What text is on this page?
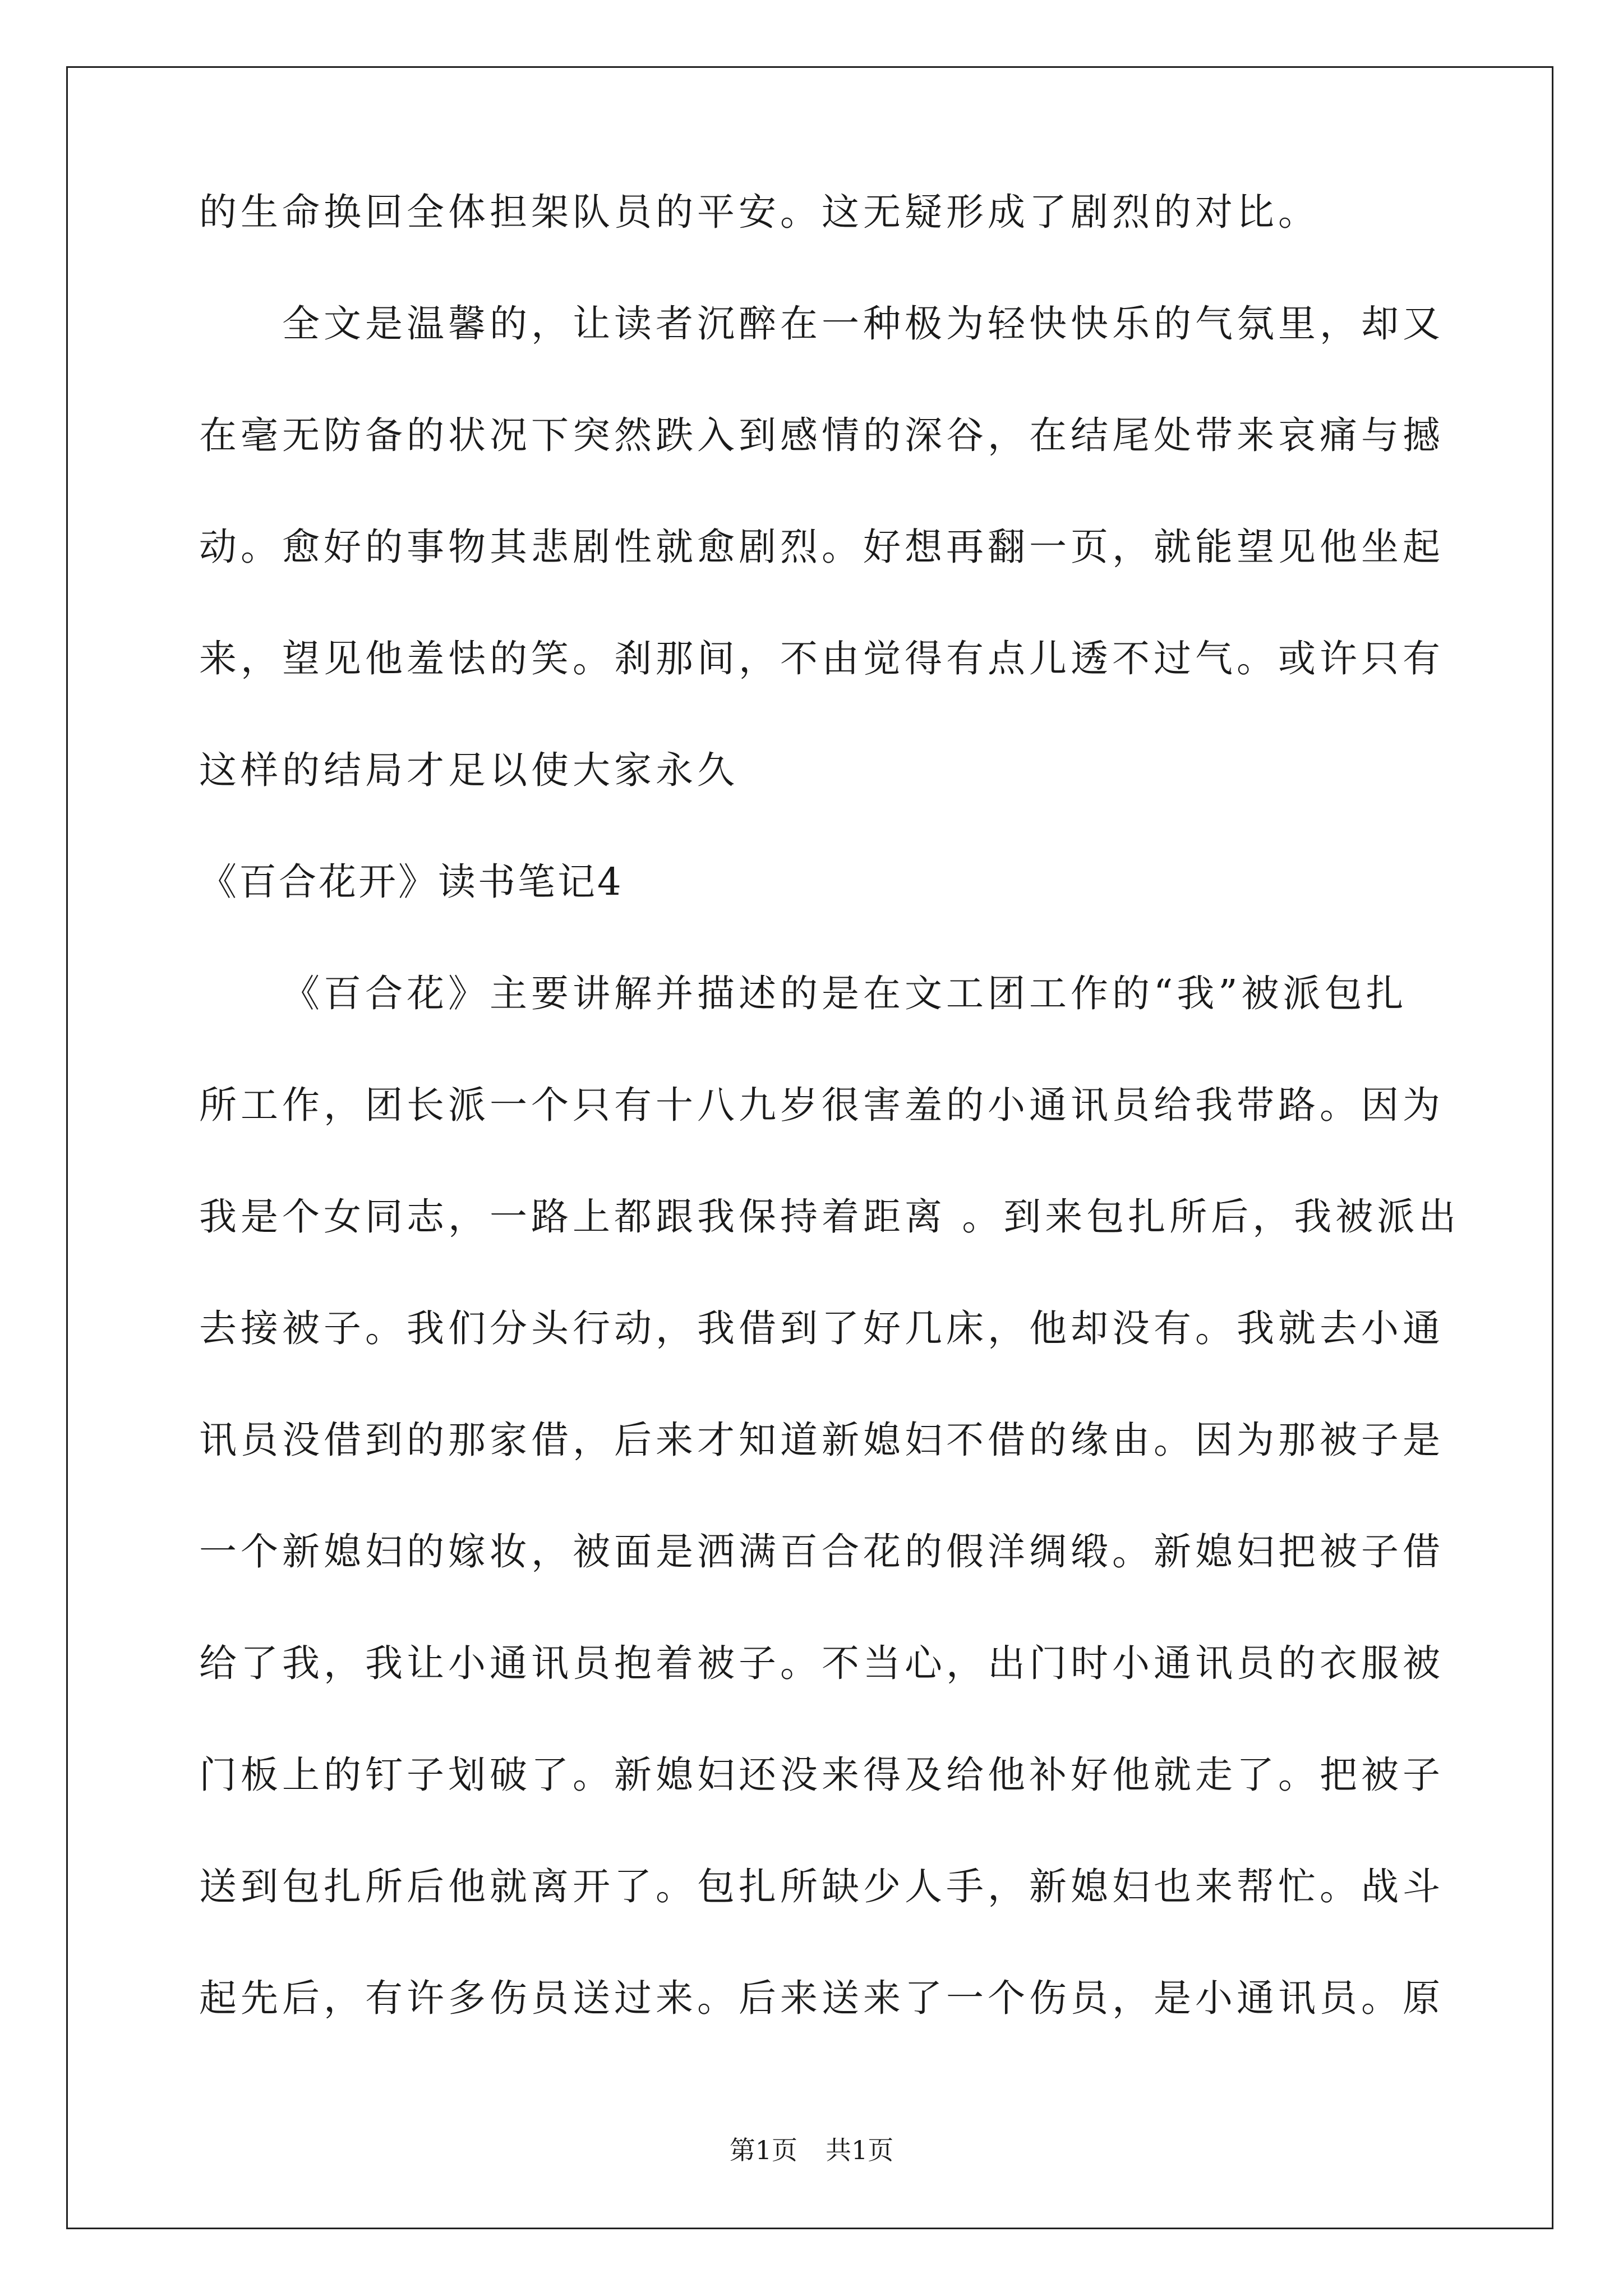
的生命换回全体担架队员的平安。这无疑形成了剧烈的对比。
全文是温馨的，让读者沉醉在一种极为轻快快乐的气氛里，却又
在毫无防备的状况下突然跌入到感情的深谷，在结尾处带来哀痛与撼
动。愈好的事物其悲剧性就愈剧烈。好想再翻一页，就能望见他坐起
来，望见他羞怯的笑。刹那间，不由觉得有点儿透不过气。或许只有
这样的结局才足以使大家永久
《百合花开》读书笔记4
《百合花》主要讲解并描述的是在文工团工作的“我”被派包扎
所工作，团长派一个只有十八九岁很害羞的小通讯员给我带路。因为
我是个女同志，一路上都跟我保持着距离 。到来包扎所后，我被派出
去接被子。我们分头行动，我借到了好几床，他却没有。我就去小通
讯员没借到的那家借，后来才知道新媳妇不借的缘由。因为那被子是
一个新媳妇的嫁妆，被面是洒满百合花的假洋绸缎。新媳妇把被子借
给了我，我让小通讯员抱着被子。不当心，出门时小通讯员的衣服被
门板上的钉子划破了。新媳妇还没来得及给他补好他就走了。把被子
送到包扎所后他就离开了。包扎所缺少人手，新媳妇也来帮忙。战斗
起先后，有许多伤员送过来。后来送来了一个伤员，是小通讯员。原
第1页 共1页
